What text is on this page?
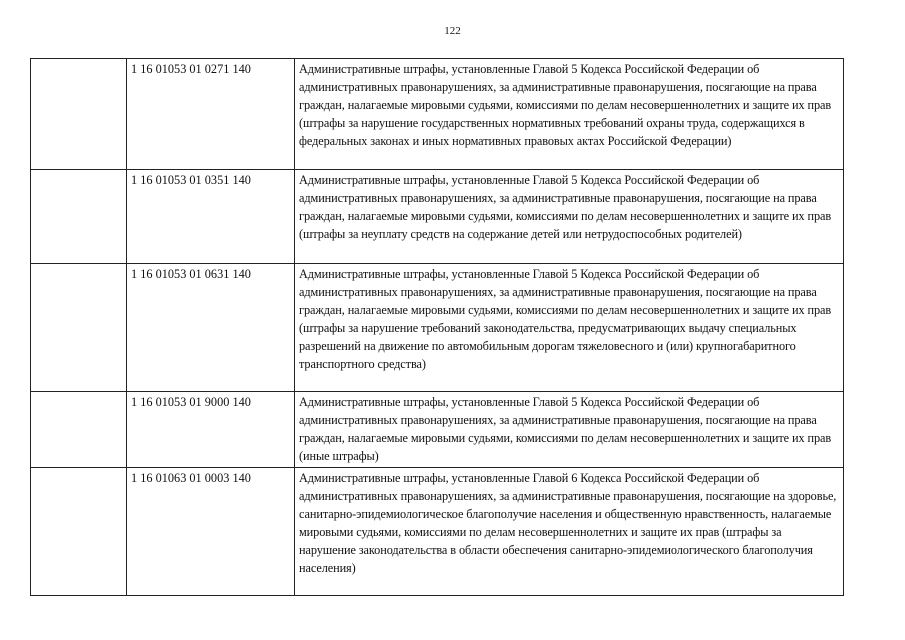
122
	1 16 01053 01 0271 140	Административные штрафы, установленные Главой 5 Кодекса Российской Федерации об административных правонарушениях, за административные правонарушения, посягающие на права граждан, налагаемые мировыми судьями, комиссиями по делам несовершеннолетних и защите их прав (штрафы за нарушение государственных нормативных требований охраны труда, содержащихся в федеральных законах и иных нормативных правовых актах Российской Федерации)
	1 16 01053 01 0351 140	Административные штрафы, установленные Главой 5 Кодекса Российской Федерации об административных правонарушениях, за административные правонарушения, посягающие на права граждан, налагаемые мировыми судьями, комиссиями по делам несовершеннолетних и защите их прав (штрафы за неуплату средств на содержание детей или нетрудоспособных родителей)
	1 16 01053 01 0631 140	Административные штрафы, установленные Главой 5 Кодекса Российской Федерации об административных правонарушениях, за административные правонарушения, посягающие на права граждан, налагаемые мировыми судьями, комиссиями по делам несовершеннолетних и защите их прав (штрафы за нарушение требований законодательства, предусматривающих выдачу специальных разрешений на движение по автомобильным дорогам тяжеловесного и (или) крупногабаритного транспортного средства)
	1 16 01053 01 9000 140	Административные штрафы, установленные Главой 5 Кодекса Российской Федерации об административных правонарушениях, за административные правонарушения, посягающие на права граждан, налагаемые мировыми судьями, комиссиями по делам несовершеннолетних и защите их прав (иные штрафы)
	1 16 01063 01 0003 140	Административные штрафы, установленные Главой 6 Кодекса Российской Федерации об административных правонарушениях, за административные правонарушения, посягающие на здоровье, санитарно-эпидемиологическое благополучие населения и общественную нравственность, налагаемые мировыми судьями, комиссиями по делам несовершеннолетних и защите их прав (штрафы за нарушение законодательства в области обеспечения санитарно-эпидемиологического благополучия населения)
